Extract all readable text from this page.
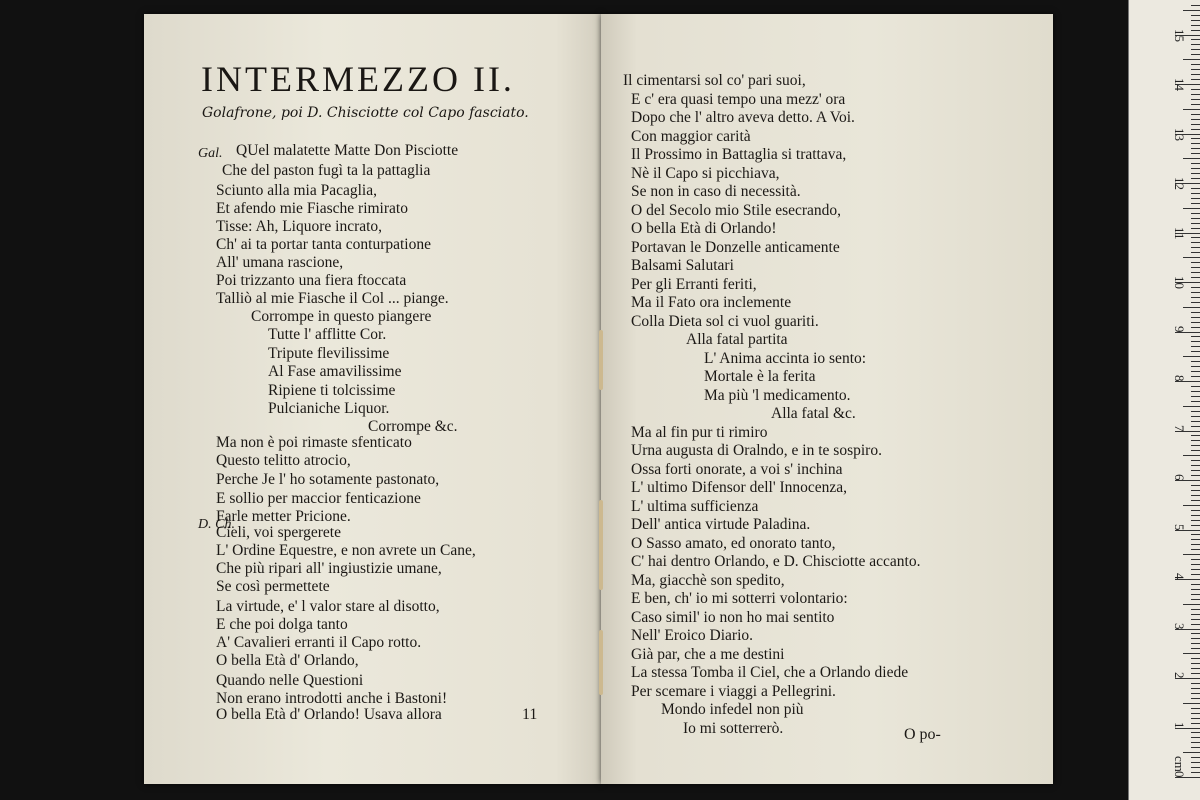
INTERMEZZO II.
Golafrone, poi D. Chisciotte col Capo fasciato.
Gal.
D. Ch.
QUel malatette Matte Don Pisciotte
Che del paston fugì ta la pattaglia
Sciunto alla mia Pacaglia,
Et afendo mie Fiasche rimirato
Tisse: Ah, Liquore incrato,
Ch' ai ta portar tanta conturpatione
All' umana rascione,
Poi trizzanto una fiera ftoccata
Talliò al mie Fiasche il Col ... piange.
Corrompe in questo piangere
Tutte l' afflitte Cor.
Tripute flevilissime
Al Fase amavilissime
Ripiene ti tolcissime
Pulcianiche Liquor.
Corrompe &c.
Ma non è poi rimaste sfenticato
Questo telitto atrocio,
Perche Je l' ho sotamente pastonato,
E sollio per maccior fenticazione
Farle metter Pricione.
Cieli, voi spergerete
L' Ordine Equestre, e non avrete un Cane,
Che più ripari all' ingiustizie umane,
Se così permettete
La virtude, e' l valor stare al disotto,
E che poi dolga tanto
A' Cavalieri erranti il Capo rotto.
O bella Età d' Orlando,
Quando nelle Questioni
Non erano introdotti anche i Bastoni!
O bella Età d' Orlando! Usava allora	11
Il cimentarsi sol co' pari suoi,
E c' era quasi tempo una mezz' ora
Dopo che l' altro aveva detto. A Voi.
Con maggior carità
Il Prossimo in Battaglia si trattava,
Nè il Capo si picchiava,
Se non in caso di necessità.
O del Secolo mio Stile esecrando,
O bella Età di Orlando!
Portavan le Donzelle anticamente
Balsami Salutari
Per gli Erranti feriti,
Ma il Fato ora inclemente
Colla Dieta sol ci vuol guariti.
Alla fatal partita
L' Anima accinta io sento:
Mortale è la ferita
Ma più 'l medicamento.
Alla fatal &c.
Ma al fin pur ti rimiro
Urna augusta di Oralndo, e in te sospiro.
Ossa forti onorate, a voi s' inchina
L' ultimo Difensor dell' Innocenza,
L' ultima sufficienza
Dell' antica virtude Paladina.
O Sasso amato, ed onorato tanto,
C' hai dentro Orlando, e D. Chisciotte accanto.
Ma, giacchè son spedito,
E ben, ch' io mi sotterri volontario:
Caso simil' io non ho mai sentito
Nell' Eroico Diario.
Già par, che a me destini
La stessa Tomba il Ciel, che a Orlando diede
Per scemare i viaggi a Pellegrini.
Mondo infedel non più
Io mi sotterrerò.	O po-
0
1
2
3
4
5
6
7
8
9
10
11
12
13
14
15
cm
